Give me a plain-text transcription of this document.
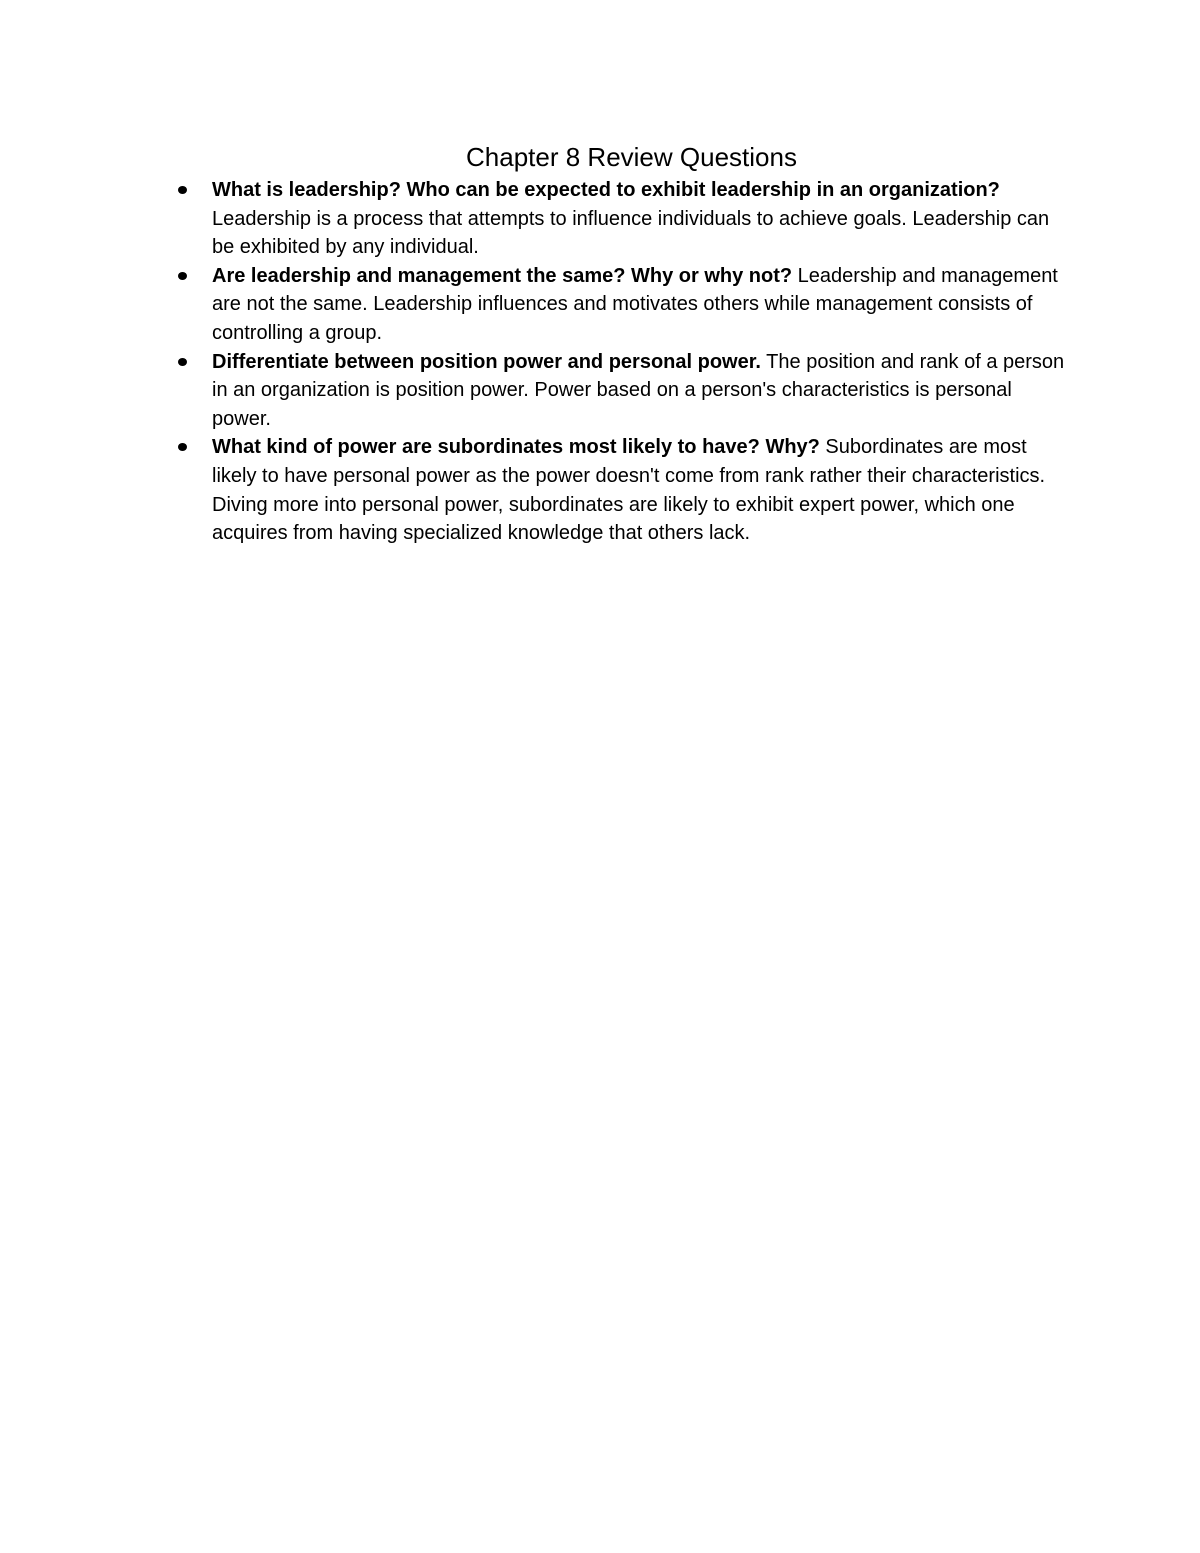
Chapter 8 Review Questions
What is leadership? Who can be expected to exhibit leadership in an organization? Leadership is a process that attempts to influence individuals to achieve goals. Leadership can be exhibited by any individual.
Are leadership and management the same? Why or why not? Leadership and management are not the same. Leadership influences and motivates others while management consists of controlling a group.
Differentiate between position power and personal power. The position and rank of a person in an organization is position power. Power based on a person's characteristics is personal power.
What kind of power are subordinates most likely to have? Why? Subordinates are most likely to have personal power as the power doesn't come from rank rather their characteristics. Diving more into personal power, subordinates are likely to exhibit expert power, which one acquires from having specialized knowledge that others lack.
